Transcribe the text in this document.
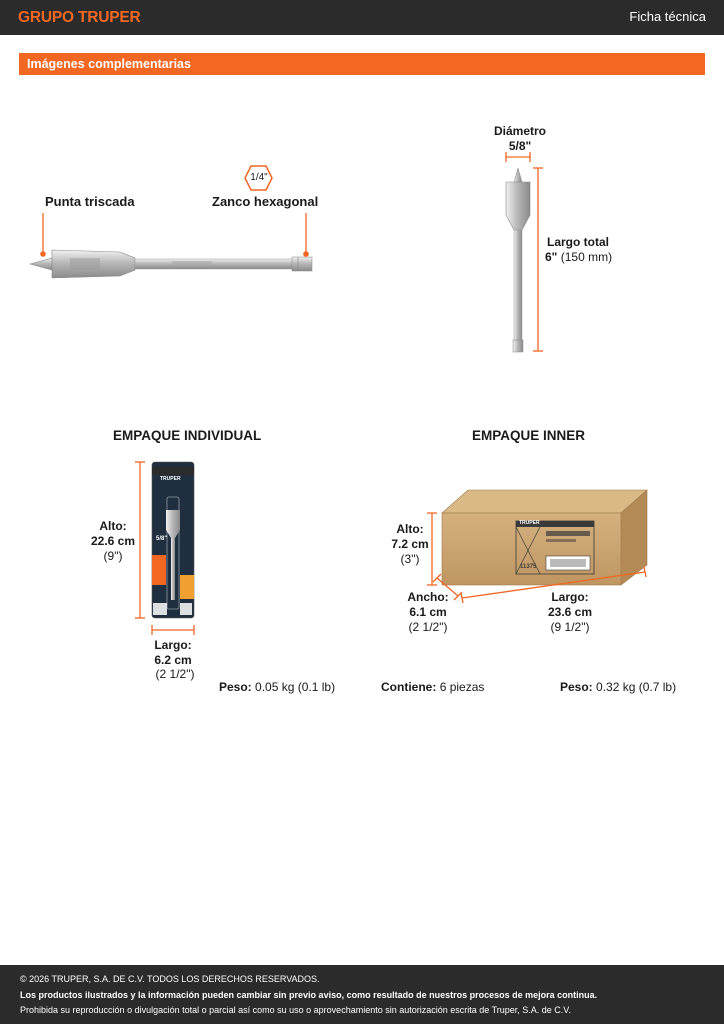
GRUPO TRUPER	Ficha técnica
Imágenes complementarias
1/4"
Punta triscada	Zanco hexagonal
Diámetro
5/8"
Largo total
6" (150 mm)
EMPAQUE INDIVIDUAL
Alto:
22.6 cm
(9")
Largo:
6.2 cm
(2 1/2")
Peso: 0.05 kg (0.1 lb)
TRUPER
5/8"
EMPAQUE INNER
Alto:
7.2 cm
(3")
Ancho:
6.1 cm
(2 1/2")
Largo:
23.6 cm
(9 1/2")
Contiene: 6 piezas	Peso: 0.32 kg (0.7 lb)
TRUPER
11375
© 2026 TRUPER, S.A. DE C.V. TODOS LOS DERECHOS RESERVADOS.
Los productos ilustrados y la información pueden cambiar sin previo aviso, como resultado de nuestros procesos de mejora continua.
Prohibida su reproducción o divulgación total o parcial así como su uso o aprovechamiento sin autorización escrita de Truper, S.A. de C.V.
